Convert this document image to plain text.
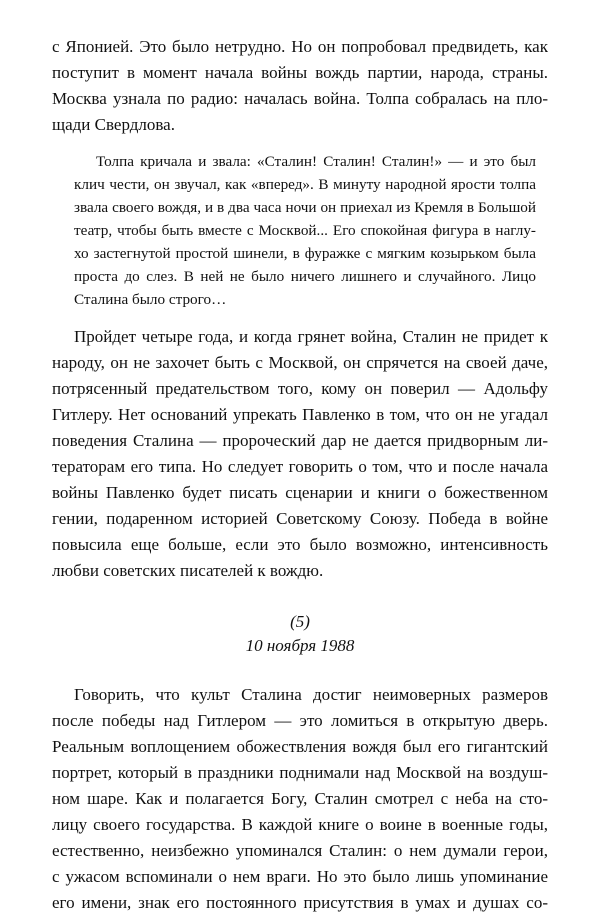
с Японией. Это было нетрудно. Но он попробовал предвидеть, как
поступит в момент начала войны вождь партии, народа, страны.
Москва узнала по радио: началась война. Толпа собралась на пло-
щади Свердлова.
Толпа кричала и звала: «Сталин! Сталин! Сталин!» — и это был
клич чести, он звучал, как «вперед». В минуту народной ярости толпа
звала своего вождя, и в два часа ночи он приехал из Кремля в Большой
театр, чтобы быть вместе с Москвой... Его спокойная фигура в наглу-
хо застегнутой простой шинели, в фуражке с мягким козырьком была
проста до слез. В ней не было ничего лишнего и случайного. Лицо
Сталина было строго…
Пройдет четыре года, и когда грянет война, Сталин не придет к
народу, он не захочет быть с Москвой, он спрячется на своей даче,
потрясенный предательством того, кому он поверил — Адольфу
Гитлеру. Нет оснований упрекать Павленко в том, что он не угадал
поведения Сталина — пророческий дар не дается придворным ли-
тераторам его типа. Но следует говорить о том, что и после начала
войны Павленко будет писать сценарии и книги о божественном
гении, подаренном историей Советскому Союзу. Победа в войне
повысила еще больше, если это было возможно, интенсивность
любви советских писателей к вождю.
(5)
10 ноября 1988
Говорить, что культ Сталина достиг неимоверных размеров
после победы над Гитлером — это ломиться в открытую дверь.
Реальным воплощением обожествления вождя был его гигантский
портрет, который в праздники поднимали над Москвой на воздуш-
ном шаре. Как и полагается Богу, Сталин смотрел с неба на сто-
лицу своего государства. В каждой книге о воине в военные годы,
естественно, неизбежно упоминался Сталин: о нем думали герои,
с ужасом вспоминали о нем враги. Но это было лишь упоминание
его имени, знак его постоянного присутствия в умах и душах со-
